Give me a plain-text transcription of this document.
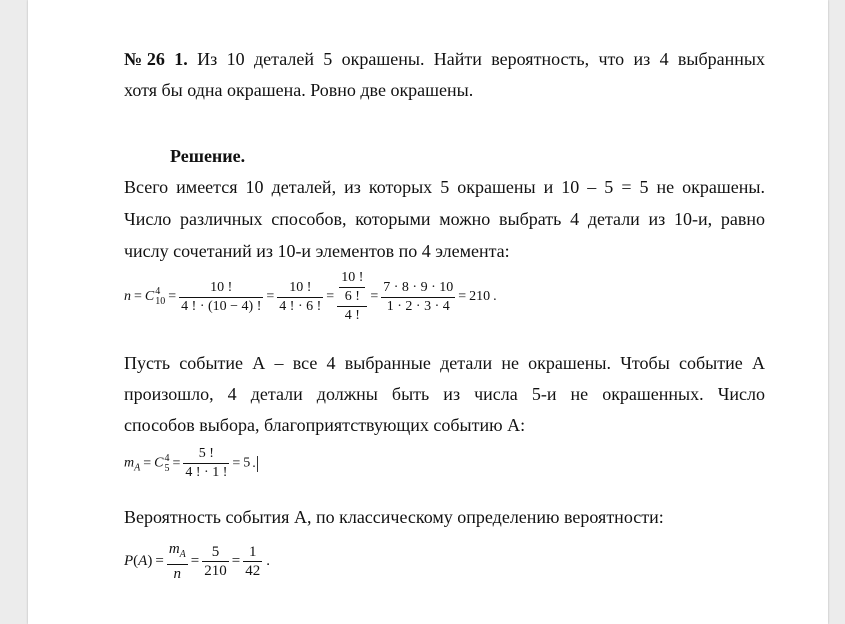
№26 1. Из 10 деталей 5 окрашены. Найти вероятность, что из 4 выбранных
хотя бы одна окрашена. Ровно две окрашены.
Решение.
Всего имеется 10 деталей, из которых 5 окрашены и 10 – 5 = 5 не окрашены.
Число различных способов, которыми можно выбрать 4 детали из 10-и, равно
числу сочетаний из 10-и элементов по 4 элемента:
n = C 4
$10 = \frac{10 !}{4 ! \cdot (10 - 4) !} = \frac{10 !}{4 ! \cdot 6 !} = \frac{\frac{10 !}{6 !}}{4 !} = \frac{7 \cdot 8 \cdot 9 \cdot 10}{1 \cdot 2 \cdot 3 \cdot 4} = 210$ .
Пусть событие А – все 4 выбранные детали не окрашены. Чтобы событие А
произошло, 4 детали должны быть из числа 5-и не окрашенных. Число
способов выбора, благоприятствующих событию А:
$m_A = C$ 4
$5 = \frac{5 !}{4 ! \cdot 1 !} = 5$ .
Вероятность события А, по классическому определению вероятности:
$P(A) = \frac{m_A}{n} = \frac{5}{210} = \frac{1}{42}$ .
